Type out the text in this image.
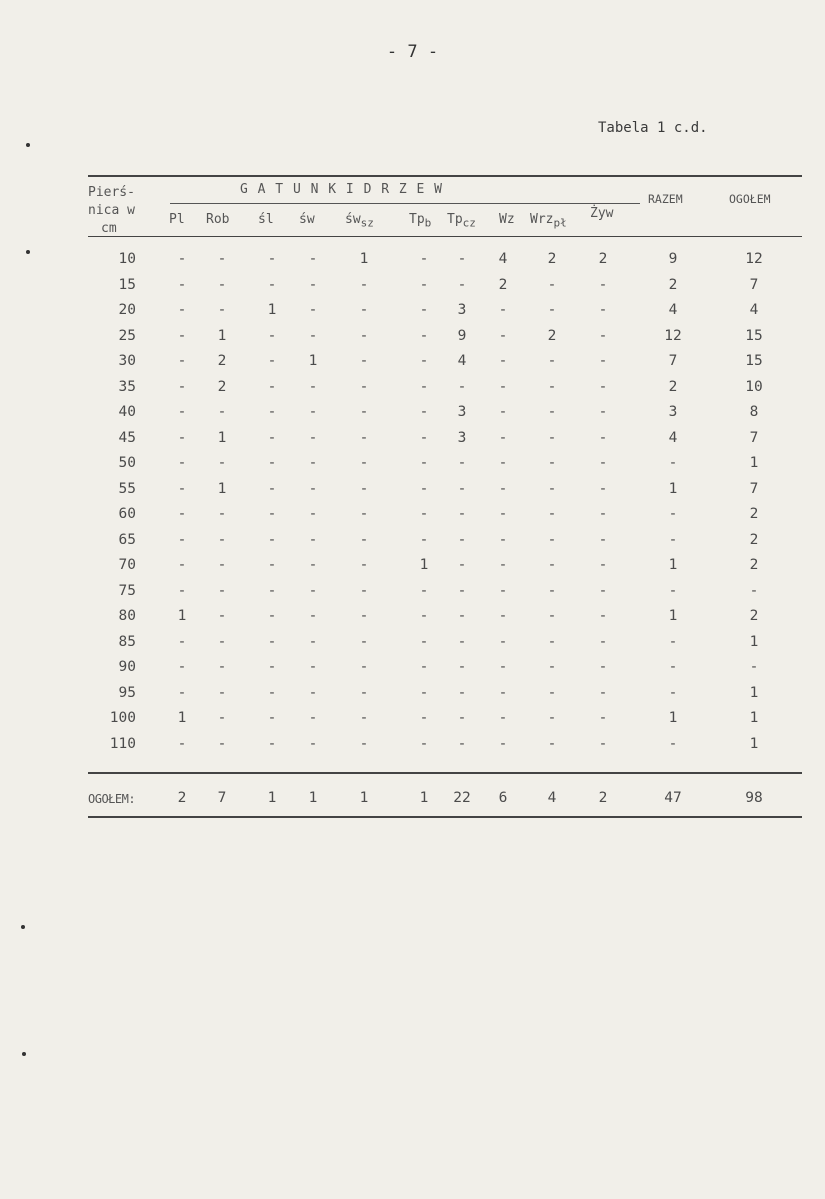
- 7 -
Tabela 1 c.d.
Pierś-
nica w
cm
G A T U N K I D R Z E W
RAZEM	OGOŁEM
Pl Rob śl św $św_{sz}$	$Tp_b$ $Tp_{cz}$ Wz Wrz$_{pł}$
Żyw
10	-	-	-	-	1	-	-	4	2	2	9	12
15	-	-	-	-	-	-	-	2	-	-	2	7
20	-	-	1	-	-	-	3	-	-	-	4	4
25	-	1	-	-	-	-	9	-	2	-	12	15
30	-	2	-	1	-	-	4	-	-	-	7	15
35	-	2	-	-	-	-	-	-	-	-	2	10
40	-	-	-	-	-	-	3	-	-	-	3	8
45	-	1	-	-	-	-	3	-	-	-	4	7
50	-	-	-	-	-	-	-	-	-	-	-	1
55	-	1	-	-	-	-	-	-	-	-	1	7
60	-	-	-	-	-	-	-	-	-	-	-	2
65	-	-	-	-	-	-	-	-	-	-	-	2
70	-	-	-	-	-	1	-	-	-	-	1	2
75	-	-	-	-	-	-	-	-	-	-	-	-
80	1	-	-	-	-	-	-	-	-	-	1	2
85	-	-	-	-	-	-	-	-	-	-	-	1
90	-	-	-	-	-	-	-	-	-	-	-	-
95	-	-	-	-	-	-	-	-	-	-	-	1
100	1	-	-	-	-	-	-	-	-	-	1	1
110	-	-	-	-	-	-	-	-	-	-	-	1
OGOŁEM:	2	7	1	1	1	1	22	6	4	2	47	98
